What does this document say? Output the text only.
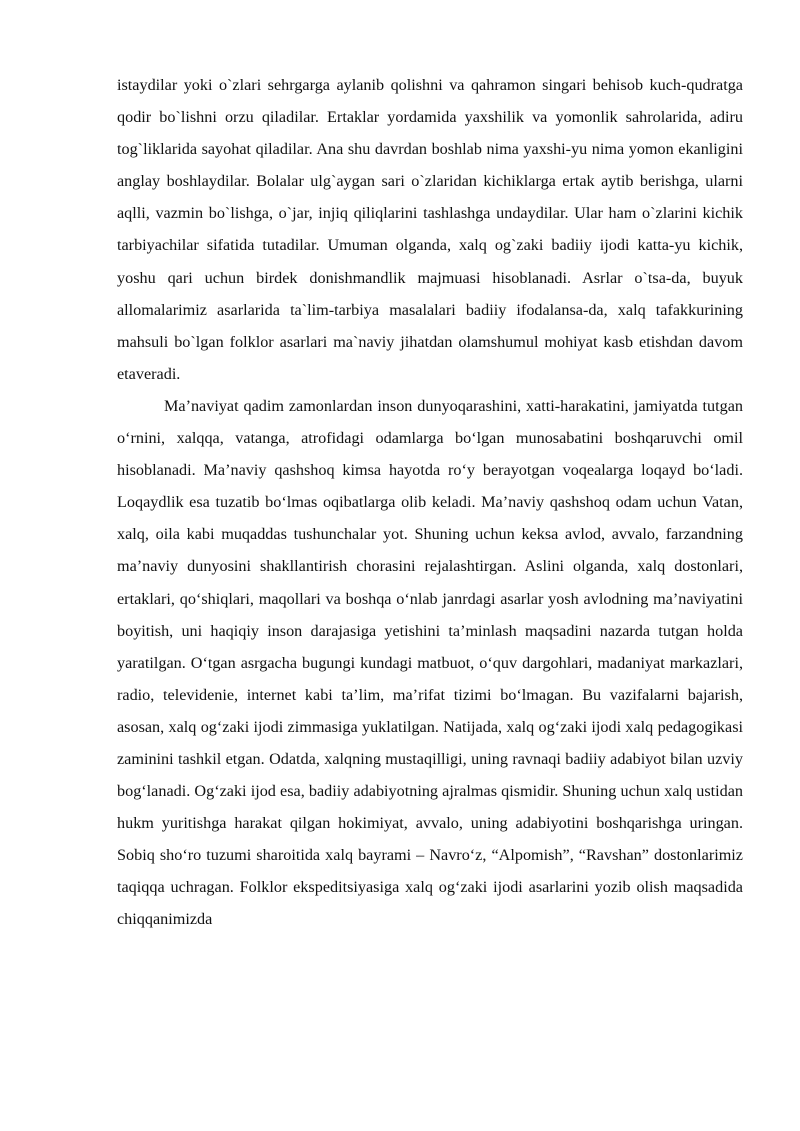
istaydilar yoki o`zlari sehrgarga aylanib qolishni va qahramon singari behisob kuch-qudratga qodir bo`lishni orzu qiladilar. Ertaklar yordamida yaxshilik va yomonlik sahrolarida, adiru tog`liklarida sayohat qiladilar. Ana shu davrdan boshlab nima yaxshi-yu nima yomon ekanligini anglay boshlaydilar. Bolalar ulg`aygan sari o`zlaridan kichiklarga ertak aytib berishga, ularni aqlli, vazmin bo`lishga, o`jar, injiq qiliqlarini tashlashga undaydilar. Ular ham o`zlarini kichik tarbiyachilar sifatida tutadilar. Umuman olganda, xalq og`zaki badiiy ijodi katta-yu kichik, yoshu qari uchun birdek donishmandlik majmuasi hisoblanadi. Asrlar o`tsa-da, buyuk allomalarimiz asarlarida ta`lim-tarbiya masalalari badiiy ifodalansa-da, xalq tafakkurining mahsuli bo`lgan folklor asarlari ma`naviy jihatdan olamshumul mohiyat kasb etishdan davom etaveradi.

Ma’naviyat qadim zamonlardan inson dunyoqarashini, xatti-harakatini, jamiyatda tutgan o‘rnini, xalqqa, vatanga, atrofidagi odamlarga bo‘lgan munosabatini boshqaruvchi omil hisoblanadi. Ma’naviy qashshoq kimsa hayotda ro‘y berayotgan voqealarga loqayd bo‘ladi. Loqaydlik esa tuzatib bo‘lmas oqibatlarga olib keladi. Ma’naviy qashshoq odam uchun Vatan, xalq, oila kabi muqaddas tushunchalar yot. Shuning uchun keksa avlod, avvalo, farzandning ma’naviy dunyosini shakllantirish chorasini rejalashtirgan. Aslini olganda, xalq dostonlari, ertaklari, qo‘shiqlari, maqollari va boshqa o‘nlab janrdagi asarlar yosh avlodning ma’naviyatini boyitish, uni haqiqiy inson darajasiga yetishini ta’minlash maqsadini nazarda tutgan holda yaratilgan. O‘tgan asrgacha bugungi kundagi matbuot, o‘quv dargohlari, madaniyat markazlari, radio, televidenie, internet kabi ta’lim, ma’rifat tizimi bo‘lmagan. Bu vazifalarni bajarish, asosan, xalq og‘zaki ijodi zimmasiga yuklatilgan. Natijada, xalq og‘zaki ijodi xalq pedagogikasi zaminini tashkil etgan. Odatda, xalqning mustaqilligi, uning ravnaqi badiiy adabiyot bilan uzviy bog‘lanadi. Og‘zaki ijod esa, badiiy adabiyotning ajralmas qismidir. Shuning uchun xalq ustidan hukm yuritishga harakat qilgan hokimiyat, avvalo, uning adabiyotini boshqarishga uringan. Sobiq sho‘ro tuzumi sharoitida xalq bayrami – Navro‘z, “Alpomish”, “Ravshan” dostonlarimiz taqiqqa uchragan. Folklor ekspeditsiyasiga xalq og‘zaki ijodi asarlarini yozib olish maqsadida chiqqanimizda
